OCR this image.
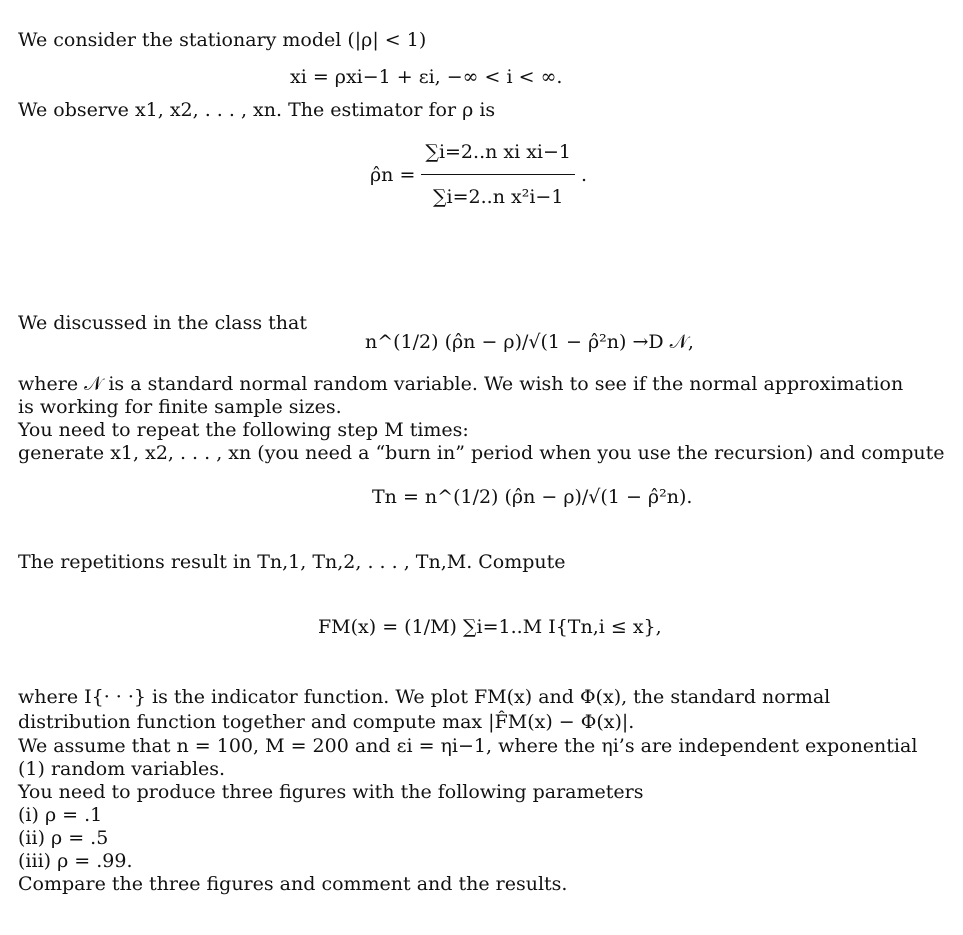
We consider the stationary model (|ρ| < 1)
xi = ρxi−1 + εi, −∞ < i < ∞.
We observe x1, x2, . . . , xn. The estimator for ρ is
ρ̂n = $\frac{\text{∑i=2..n xi xi−1}}{\text{∑i=2..n x²i−1}}$ .
We discussed in the class that
n^(1/2) (ρ̂n − ρ)/√(1 − ρ̂²n) →D 𝒩,
where 𝒩 is a standard normal random variable. We wish to see if the normal approximation
is working for finite sample sizes.
You need to repeat the following step M times:
generate x1, x2, . . . , xn (you need a “burn in” period when you use the recursion) and compute
Tn = n^(1/2) (ρ̂n − ρ)/√(1 − ρ̂²n).
The repetitions result in Tn,1, Tn,2, . . . , Tn,M. Compute
FM(x) = (1/M) ∑i=1..M I{Tn,i ≤ x},
where I{· · ·} is the indicator function. We plot FM(x) and Φ(x), the standard normal
distribution function together and compute max |F̂M(x) − Φ(x)|.
We assume that n = 100, M = 200 and εi = ηi−1, where the ηi’s are independent exponential
(1) random variables.
You need to produce three figures with the following parameters
(i) ρ = .1
(ii) ρ = .5
(iii) ρ = .99.
Compare the three figures and comment and the results.
